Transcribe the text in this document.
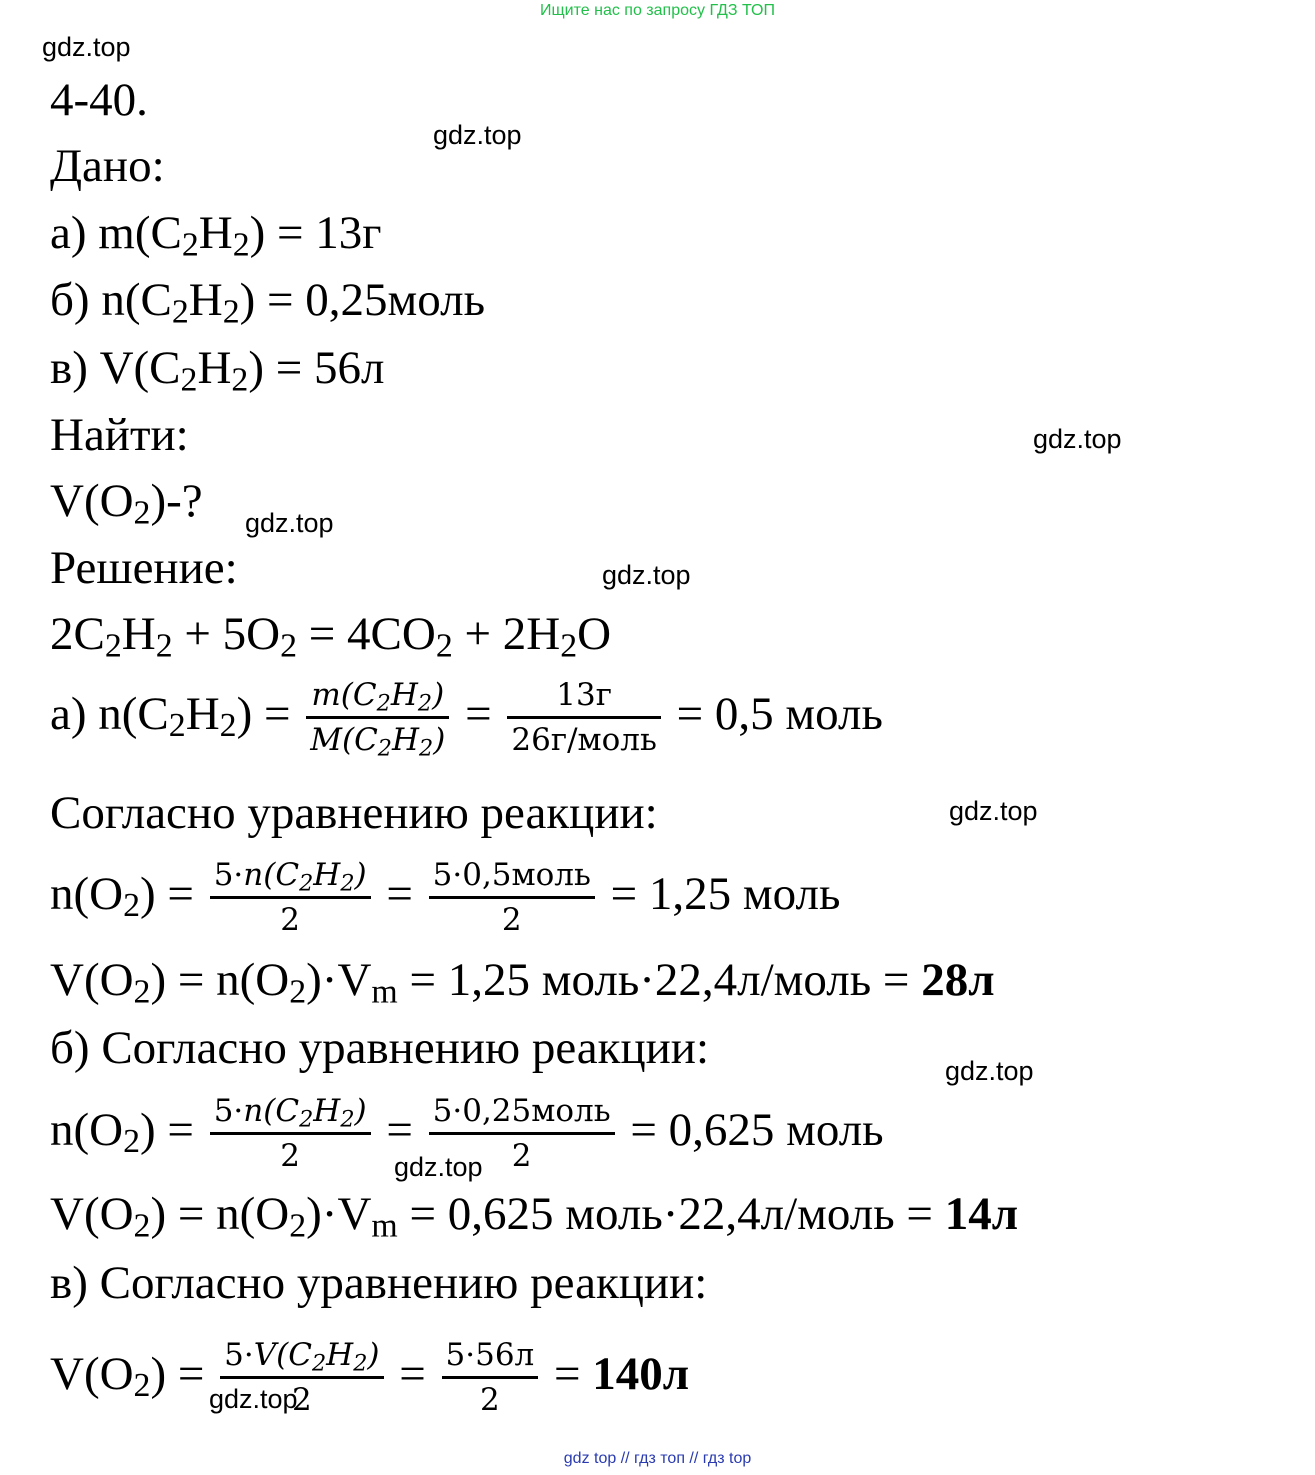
Ищите нас по запросу ГДЗ ТОП
gdz.top
gdz.top
gdz.top
gdz.top
gdz.top
gdz.top
gdz.top
gdz.top
gdz.top
4-40.
Дано:
а) $m(C_2H_2) = 13г$
б) $n(C_2H_2)$ = 0,25моль
в) $V(C_2H_2) = 56л$
Найти:
$V(O_2)-$?
Решение:
$2C_2H_2 + 5O_2 = 4CO_2 + 2H_2O$
а) $n(C_2H_2) = \frac{m(C_2H_2)}{M(C_2H_2)} = \frac{13г}{\text{26г/моль}} = 0,5$ моль
Согласно уравнению реакции:
$n(O_2) = \frac{5\cdot n(C_2H_2)}{2} = \frac{\text{5·0,5моль}}{2} = 1,25$ моль
$V(O_2) = n(O_2)\cdot V_m = 1,25$ моль·22,4л/моль = 28л
б) Согласно уравнению реакции:
$n(O_2) = \frac{5\cdot n(C_2H_2)}{2} = \frac{\text{5·0,25моль}}{2} = 0,625$ моль
$V(O_2) = n(O_2)\cdot V_m = 0,625$ моль·22,4л/моль = 14л
в) Согласно уравнению реакции:
$V(O_2) = \frac{5\cdot V(C_2H_2)}{2} = \frac{5\cdot 56л}{2} = 140л$
gdz top // гдз топ // гдз top
